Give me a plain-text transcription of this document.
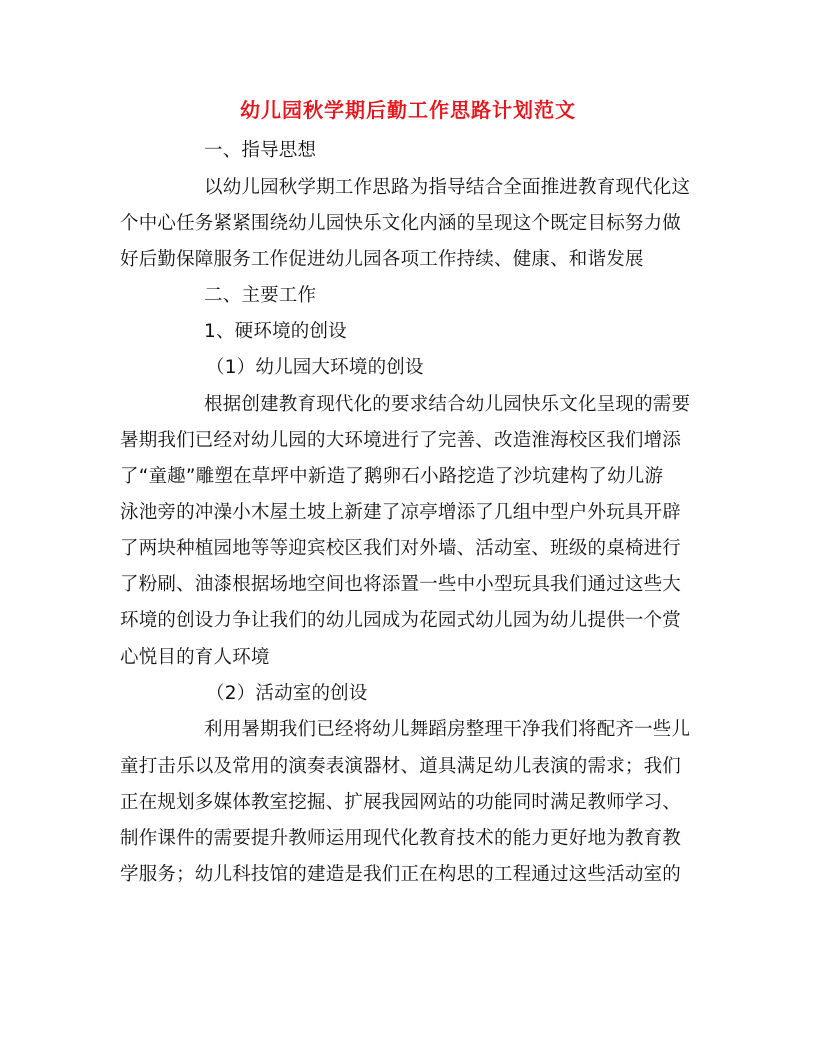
幼儿园秋学期后勤工作思路计划范文
一、指导思想
以幼儿园秋学期工作思路为指导结合全面推进教育现代化这
个中心任务紧紧围绕幼儿园快乐文化内涵的呈现这个既定目标努力做
好后勤保障服务工作促进幼儿园各项工作持续、健康、和谐发展
二、主要工作
1、硬环境的创设
（1）幼儿园大环境的创设
根据创建教育现代化的要求结合幼儿园快乐文化呈现的需要
暑期我们已经对幼儿园的大环境进行了完善、改造淮海校区我们增添
了“童趣”雕塑在草坪中新造了鹅卵石小路挖造了沙坑建构了幼儿游
泳池旁的冲澡小木屋土坡上新建了凉亭增添了几组中型户外玩具开辟
了两块种植园地等等迎宾校区我们对外墙、活动室、班级的桌椅进行
了粉刷、油漆根据场地空间也将添置一些中小型玩具我们通过这些大
环境的创设力争让我们的幼儿园成为花园式幼儿园为幼儿提供一个赏
心悦目的育人环境
（2）活动室的创设
利用暑期我们已经将幼儿舞蹈房整理干净我们将配齐一些儿
童打击乐以及常用的演奏表演器材、道具满足幼儿表演的需求；我们
正在规划多媒体教室挖掘、扩展我园网站的功能同时满足教师学习、
制作课件的需要提升教师运用现代化教育技术的能力更好地为教育教
学服务；幼儿科技馆的建造是我们正在构思的工程通过这些活动室的
